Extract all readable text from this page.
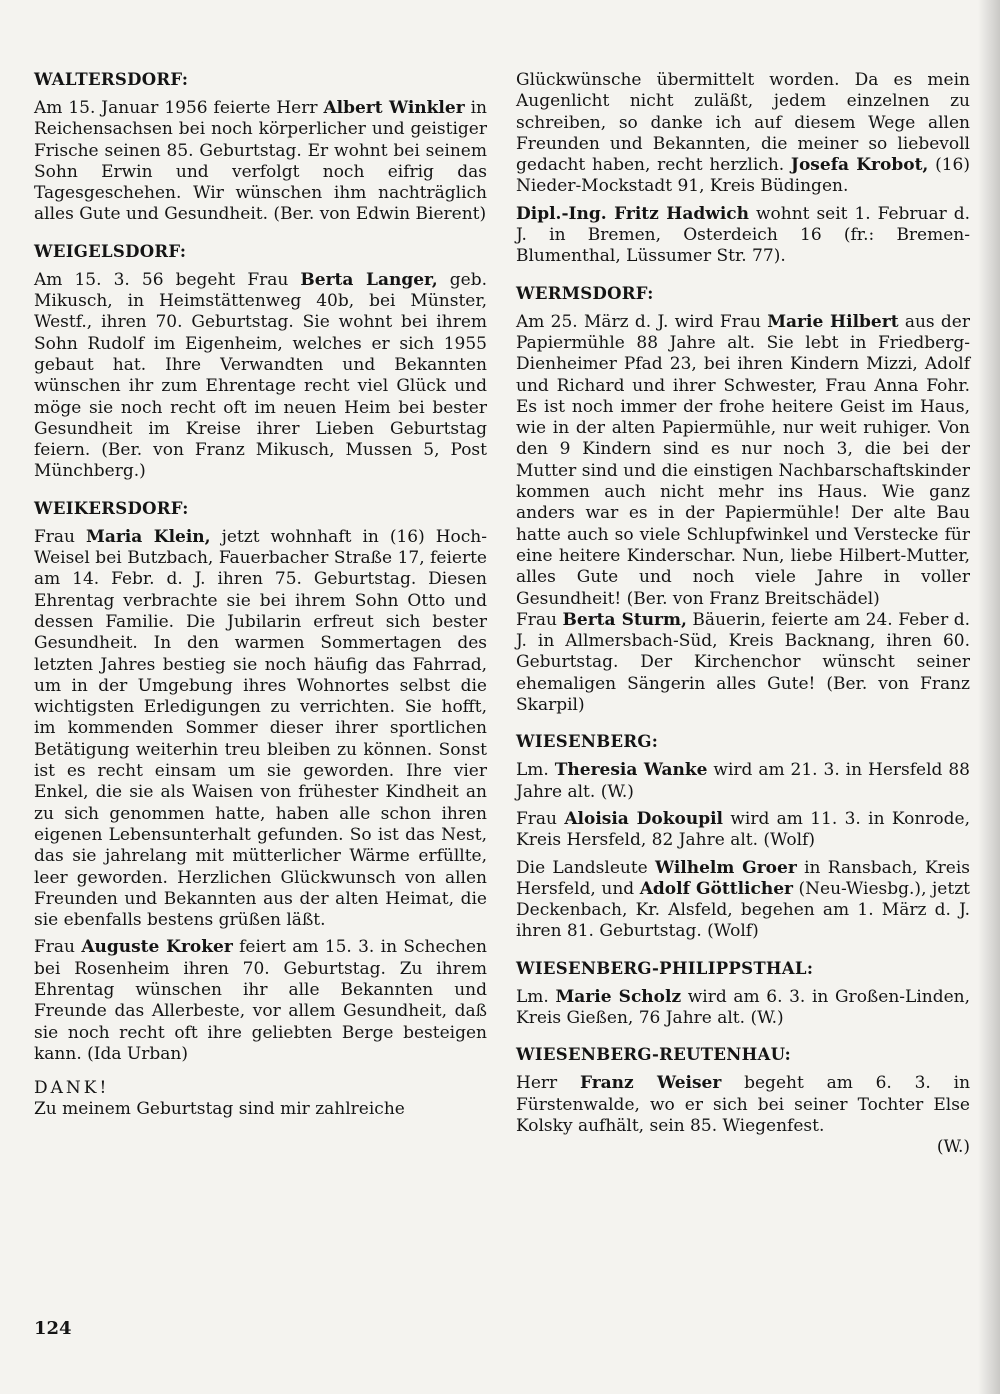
WALTERSDORF:

Am 15. Januar 1956 feierte Herr Albert Winkler in Reichensachsen bei noch körperlicher und geistiger Frische seinen 85. Geburtstag. Er wohnt bei seinem Sohn Erwin und verfolgt noch eifrig das Tagesgeschehen. Wir wünschen ihm nachträglich alles Gute und Gesundheit. (Ber. von Edwin Bierent)

WEIGELSDORF:

Am 15. 3. 56 begeht Frau Berta Langer, geb. Mikusch, in Heimstättenweg 40b, bei Münster, Westf., ihren 70. Geburtstag. Sie wohnt bei ihrem Sohn Rudolf im Eigenheim, welches er sich 1955 gebaut hat. Ihre Verwandten und Bekannten wünschen ihr zum Ehrentage recht viel Glück und möge sie noch recht oft im neuen Heim bei bester Gesundheit im Kreise ihrer Lieben Geburtstag feiern. (Ber. von Franz Mikusch, Mussen 5, Post Münchberg.)

WEIKERSDORF:

Frau Maria Klein, jetzt wohnhaft in (16) Hoch-Weisel bei Butzbach, Fauerbacher Straße 17, feierte am 14. Febr. d. J. ihren 75. Geburtstag. Diesen Ehrentag verbrachte sie bei ihrem Sohn Otto und dessen Familie. Die Jubilarin erfreut sich bester Gesundheit. In den warmen Sommertagen des letzten Jahres bestieg sie noch häufig das Fahrrad, um in der Umgebung ihres Wohnortes selbst die wichtigsten Erledigungen zu verrichten. Sie hofft, im kommenden Sommer dieser ihrer sportlichen Betätigung weiterhin treu bleiben zu können. Sonst ist es recht einsam um sie geworden. Ihre vier Enkel, die sie als Waisen von frühester Kindheit an zu sich genommen hatte, haben alle schon ihren eigenen Lebensunterhalt gefunden. So ist das Nest, das sie jahrelang mit mütterlicher Wärme erfüllte, leer geworden. Herzlichen Glückwunsch von allen Freunden und Bekannten aus der alten Heimat, die sie ebenfalls bestens grüßen läßt.

Frau Auguste Kroker feiert am 15. 3. in Schechen bei Rosenheim ihren 70. Geburtstag. Zu ihrem Ehrentag wünschen ihr alle Bekannten und Freunde das Allerbeste, vor allem Gesundheit, daß sie noch recht oft ihre geliebten Berge besteigen kann. (Ida Urban)

DANK!

Zu meinem Geburtstag sind mir zahlreiche

Glückwünsche übermittelt worden. Da es mein Augenlicht nicht zuläßt, jedem einzelnen zu schreiben, so danke ich auf diesem Wege allen Freunden und Bekannten, die meiner so liebevoll gedacht haben, recht herzlich. Josefa Krobot, (16) Nieder-Mockstadt 91, Kreis Büdingen.

Dipl.-Ing. Fritz Hadwich wohnt seit 1. Februar d. J. in Bremen, Osterdeich 16 (fr.: Bremen-Blumenthal, Lüssumer Str. 77).

WERMSDORF:

Am 25. März d. J. wird Frau Marie Hilbert aus der Papiermühle 88 Jahre alt. Sie lebt in Friedberg-Dienheimer Pfad 23, bei ihren Kindern Mizzi, Adolf und Richard und ihrer Schwester, Frau Anna Fohr. Es ist noch immer der frohe heitere Geist im Haus, wie in der alten Papiermühle, nur weit ruhiger. Von den 9 Kindern sind es nur noch 3, die bei der Mutter sind und die einstigen Nachbarschaftskinder kommen auch nicht mehr ins Haus. Wie ganz anders war es in der Papiermühle! Der alte Bau hatte auch so viele Schlupfwinkel und Verstecke für eine heitere Kinderschar. Nun, liebe Hilbert-Mutter, alles Gute und noch viele Jahre in voller Gesundheit! (Ber. von Franz Breitschädel)

Frau Berta Sturm, Bäuerin, feierte am 24. Feber d. J. in Allmersbach-Süd, Kreis Backnang, ihren 60. Geburtstag. Der Kirchenchor wünscht seiner ehemaligen Sängerin alles Gute! (Ber. von Franz Skarpil)

WIESENBERG:

Lm. Theresia Wanke wird am 21. 3. in Hersfeld 88 Jahre alt. (W.)

Frau Aloisia Dokoupil wird am 11. 3. in Konrode, Kreis Hersfeld, 82 Jahre alt. (Wolf)

Die Landsleute Wilhelm Groer in Ransbach, Kreis Hersfeld, und Adolf Göttlicher (Neu-Wiesbg.), jetzt Deckenbach, Kr. Alsfeld, begehen am 1. März d. J. ihren 81. Geburtstag. (Wolf)

WIESENBERG-PHILIPPSTHAL:

Lm. Marie Scholz wird am 6. 3. in Großen-Linden, Kreis Gießen, 76 Jahre alt. (W.)

WIESENBERG-REUTENHAU:

Herr Franz Weiser begeht am 6. 3. in Fürstenwalde, wo er sich bei seiner Tochter Else Kolsky aufhält, sein 85. Wiegenfest.

(W.)

124
